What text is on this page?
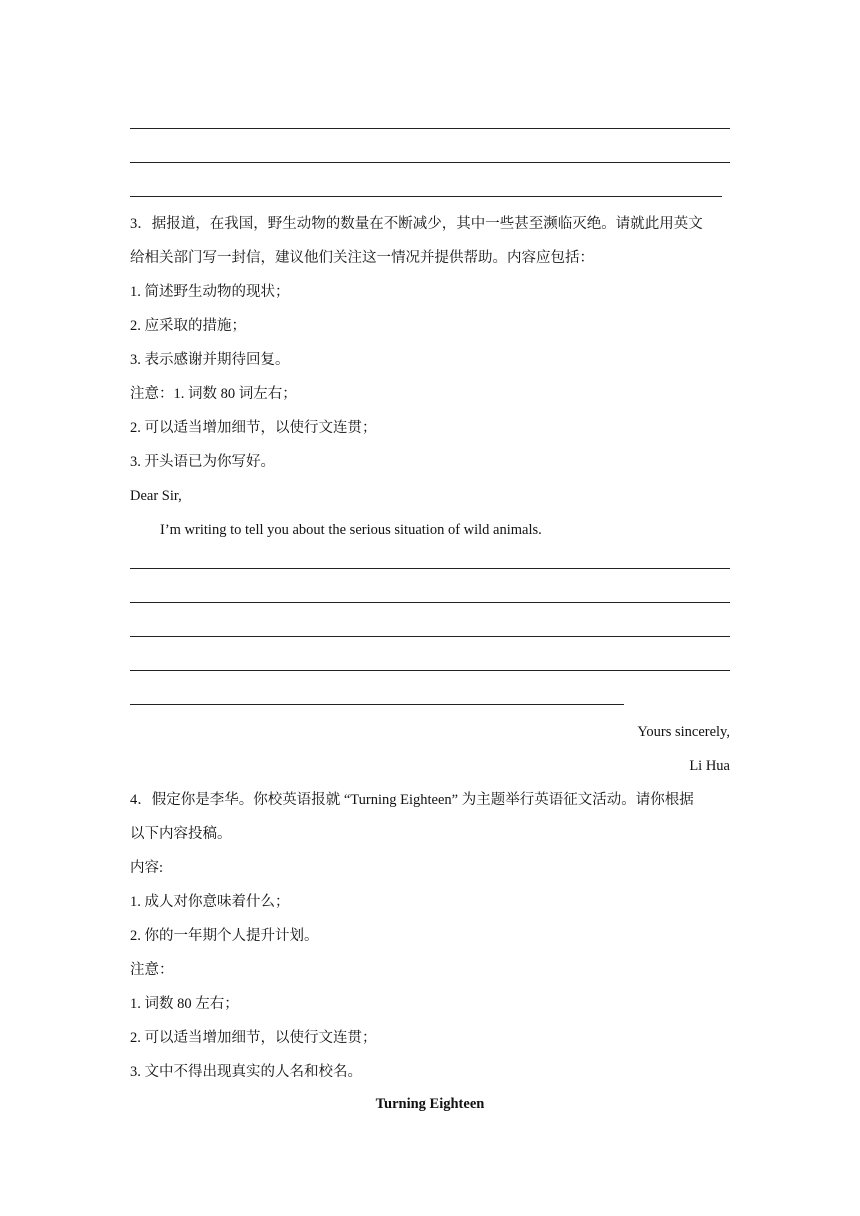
3．据报道，在我国，野生动物的数量在不断减少，其中一些甚至濒临灭绝。请就此用英文
给相关部门写一封信，建议他们关注这一情况并提供帮助。内容应包括：
1. 简述野生动物的现状；
2. 应采取的措施；
3. 表示感谢并期待回复。
注意：1. 词数 80 词左右；
2. 可以适当增加细节，以使行文连贯；
3. 开头语已为你写好。
Dear Sir,
I’m writing to tell you about the serious situation of wild animals.
Yours sincerely,
Li Hua
4．假定你是李华。你校英语报就 “Turning Eighteen” 为主题举行英语征文活动。请你根据
以下内容投稿。
内容:
1. 成人对你意味着什么；
2. 你的一年期个人提升计划。
注意：
1. 词数 80 左右；
2. 可以适当增加细节，以使行文连贯；
3. 文中不得出现真实的人名和校名。
Turning Eighteen
